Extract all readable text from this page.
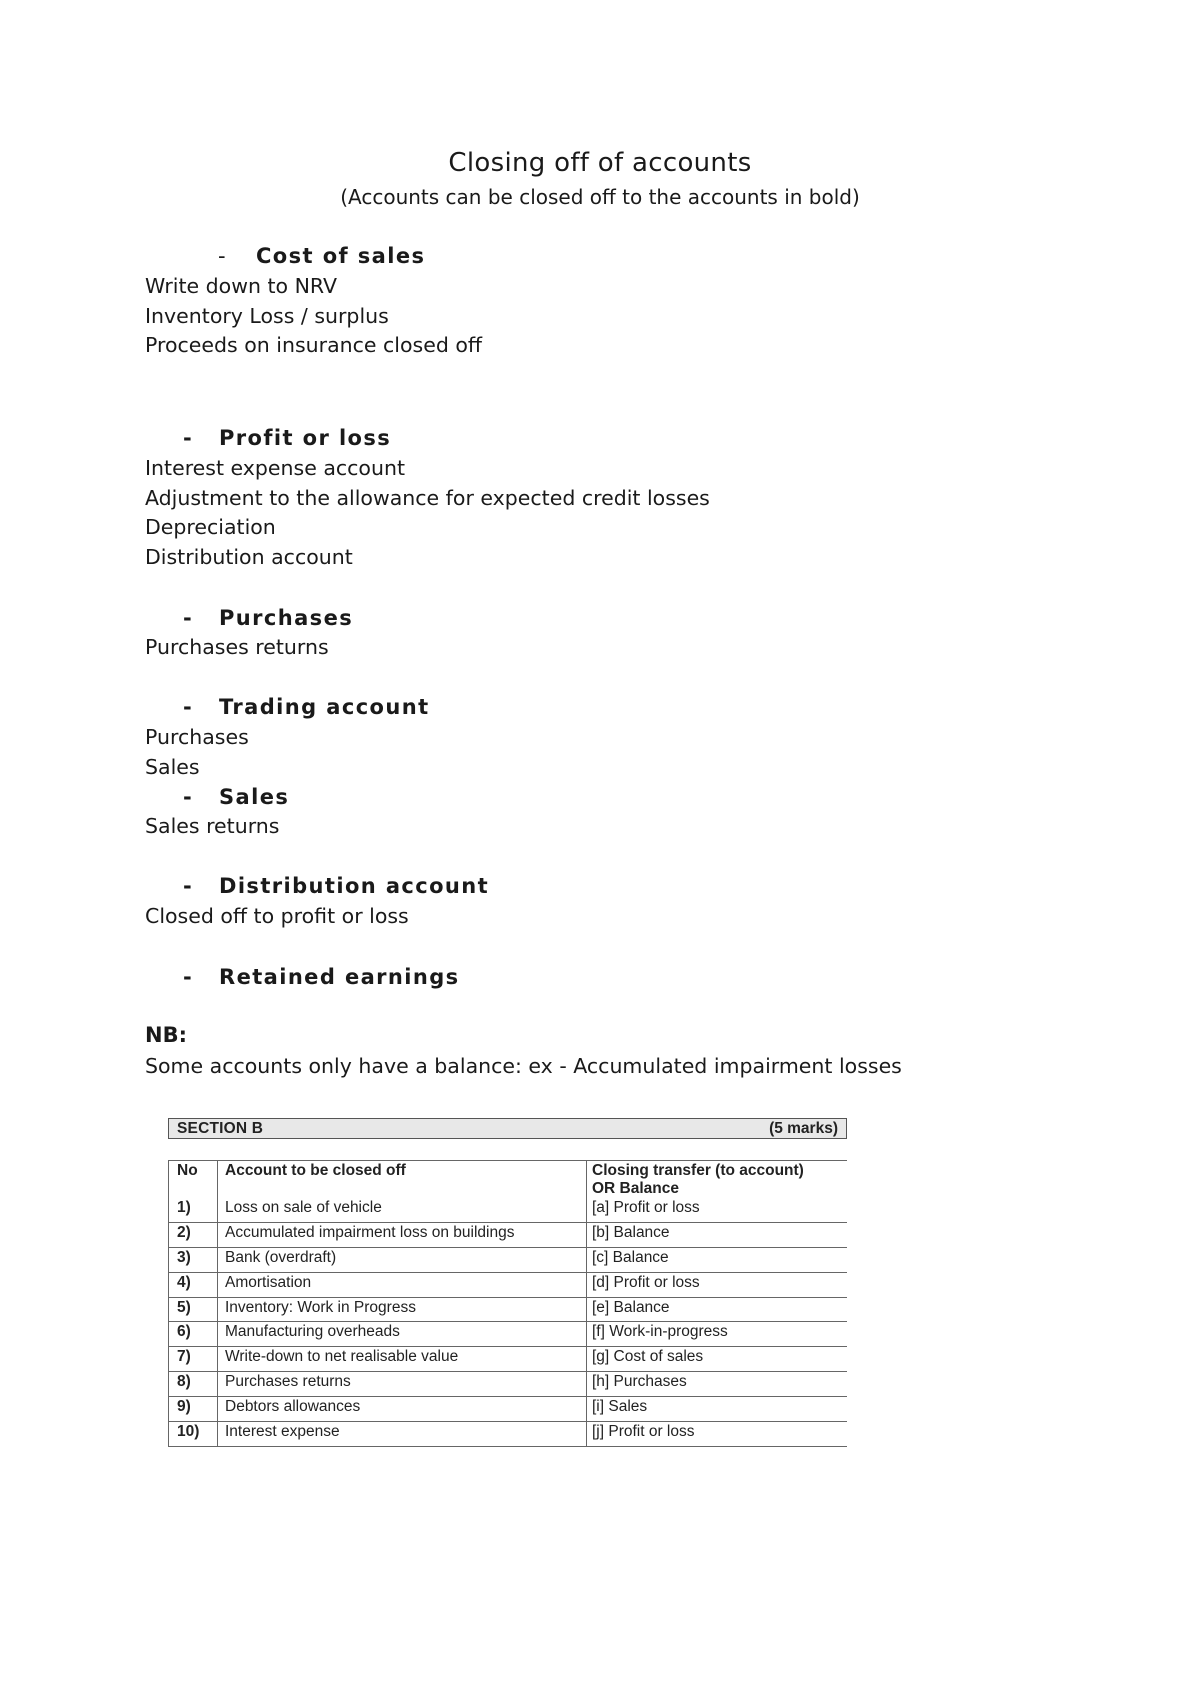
Closing off of accounts
(Accounts can be closed off to the accounts in bold)
- Cost of sales
Write down to NRV
Inventory Loss / surplus
Proceeds on insurance closed off
- Profit or loss
Interest expense account
Adjustment to the allowance for expected credit losses
Depreciation
Distribution account
- Purchases
Purchases returns
- Trading account
Purchases
Sales
- Sales
Sales returns
- Distribution account
Closed off to profit or loss
- Retained earnings
NB:
Some accounts only have a balance: ex - Accumulated impairment losses
SECTION B	(5 marks)
No Account to be closed off	Closing transfer (to account)
OR Balance
1) Loss on sale of vehicle	[a] Profit or loss
2) Accumulated impairment loss on buildings	[b] Balance
3) Bank (overdraft)	[c] Balance
4) Amortisation	[d] Profit or loss
5) Inventory: Work in Progress	[e] Balance
6) Manufacturing overheads	[f] Work-in-progress
7) Write-down to net realisable value	[g] Cost of sales
8) Purchases returns	[h] Purchases
9) Debtors allowances	[i] Sales
10) Interest expense	[j] Profit or loss
